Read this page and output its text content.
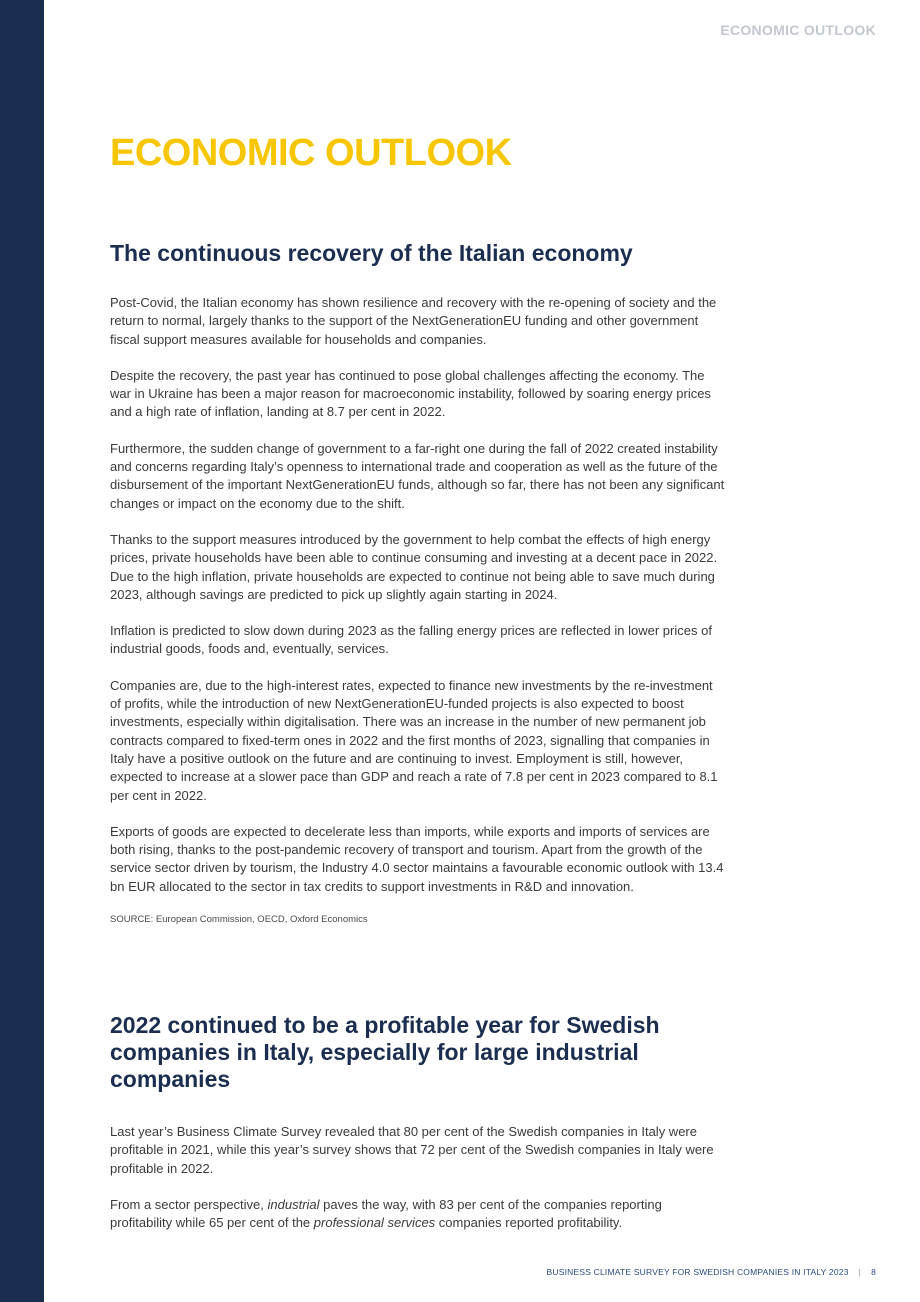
ECONOMIC OUTLOOK
ECONOMIC OUTLOOK
The continuous recovery of the Italian economy

Post-Covid, the Italian economy has shown resilience and recovery with the re-opening of society and the return to normal, largely thanks to the support of the NextGenerationEU funding and other government fiscal support measures available for households and companies.

Despite the recovery, the past year has continued to pose global challenges affecting the economy. The war in Ukraine has been a major reason for macroeconomic instability, followed by soaring energy prices and a high rate of inflation, landing at 8.7 per cent in 2022.

Furthermore, the sudden change of government to a far-right one during the fall of 2022 created instability and concerns regarding Italy’s openness to international trade and cooperation as well as the future of the disbursement of the important NextGenerationEU funds, although so far, there has not been any significant changes or impact on the economy due to the shift.

Thanks to the support measures introduced by the government to help combat the effects of high energy prices, private households have been able to continue consuming and investing at a decent pace in 2022. Due to the high inflation, private households are expected to continue not being able to save much during 2023, although savings are predicted to pick up slightly again starting in 2024.

Inflation is predicted to slow down during 2023 as the falling energy prices are reflected in lower prices of industrial goods, foods and, eventually, services.

Companies are, due to the high-interest rates, expected to finance new investments by the re-investment of profits, while the introduction of new NextGenerationEU-funded projects is also expected to boost investments, especially within digitalisation. There was an increase in the number of new permanent job contracts compared to fixed-term ones in 2022 and the first months of 2023, signalling that companies in Italy have a positive outlook on the future and are continuing to invest. Employment is still, however, expected to increase at a slower pace than GDP and reach a rate of 7.8 per cent in 2023 compared to 8.1 per cent in 2022.

Exports of goods are expected to decelerate less than imports, while exports and imports of services are both rising, thanks to the post-pandemic recovery of transport and tourism. Apart from the growth of the service sector driven by tourism, the Industry 4.0 sector maintains a favourable economic outlook with 13.4 bn EUR allocated to the sector in tax credits to support investments in R&D and innovation.

SOURCE: European Commission, OECD, Oxford Economics

2022 continued to be a profitable year for Swedish companies in Italy, especially for large industrial companies

Last year’s Business Climate Survey revealed that 80 per cent of the Swedish companies in Italy were profitable in 2021, while this year’s survey shows that 72 per cent of the Swedish companies in Italy were profitable in 2022.

From a sector perspective, industrial paves the way, with 83 per cent of the companies reporting profitability while 65 per cent of the professional services companies reported profitability.

BUSINESS CLIMATE SURVEY FOR SWEDISH COMPANIES IN ITALY 2023 | 8
